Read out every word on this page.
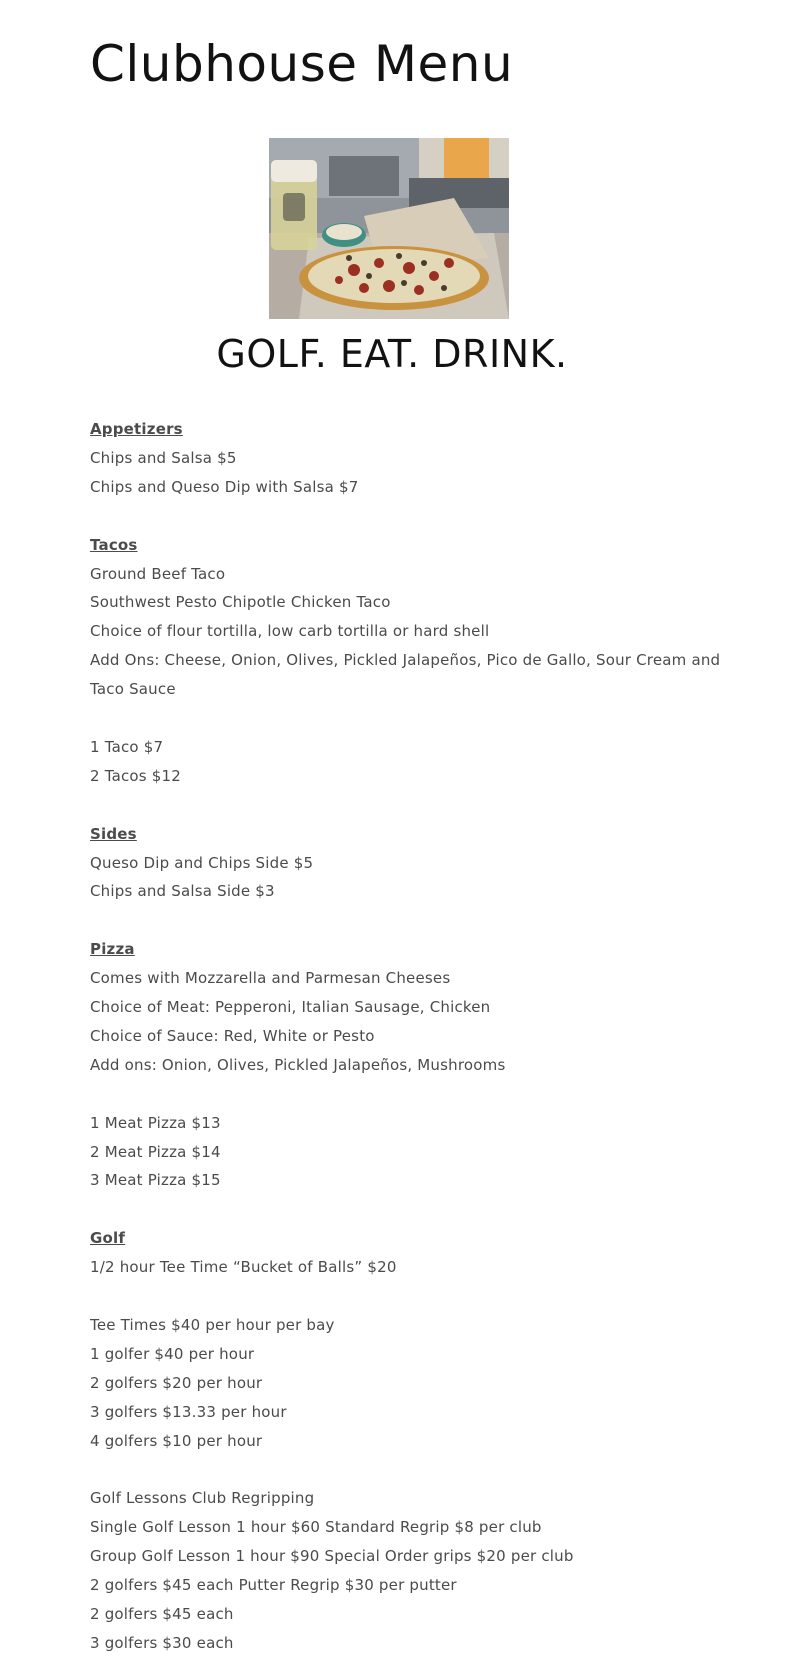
Clubhouse Menu
GOLF. EAT. DRINK.

Appetizers

Chips and Salsa $5

Chips and Queso Dip with Salsa $7

Tacos

Ground Beef Taco

Southwest Pesto Chipotle Chicken Taco

Choice of flour tortilla, low carb tortilla or hard shell

Add Ons: Cheese, Onion, Olives, Pickled Jalapeños, Pico de Gallo, Sour Cream and

Taco Sauce

1 Taco $7

2 Tacos $12

Sides

Queso Dip and Chips Side $5

Chips and Salsa Side $3

Pizza

Comes with Mozzarella and Parmesan Cheeses

Choice of Meat: Pepperoni, Italian Sausage, Chicken

Choice of Sauce: Red, White or Pesto

Add ons: Onion, Olives, Pickled Jalapeños, Mushrooms

1 Meat Pizza $13

2 Meat Pizza $14

3 Meat Pizza $15

Golf

1/2 hour Tee Time “Bucket of Balls” $20

Tee Times $40 per hour per bay

1 golfer $40 per hour

2 golfers $20 per hour

3 golfers $13.33 per hour

4 golfers $10 per hour

Golf Lessons Club Regripping

Single Golf Lesson 1 hour $60 Standard Regrip $8 per club

Group Golf Lesson 1 hour $90 Special Order grips $20 per club

2 golfers $45 each Putter Regrip $30 per putter

2 golfers $45 each

3 golfers $30 each
